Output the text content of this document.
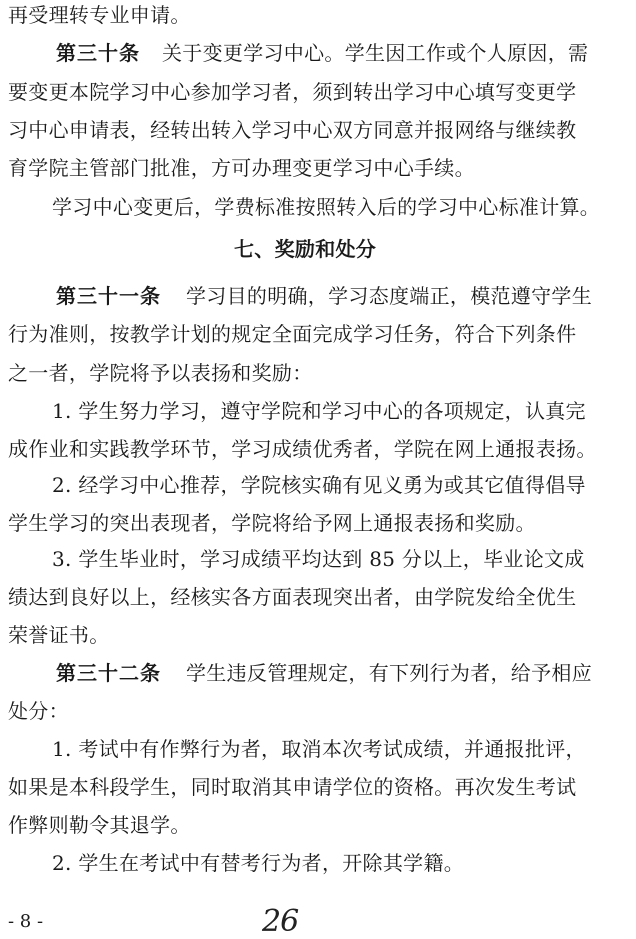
再受理转专业申请。
第三十条 关于变更学习中心。学生因工作或个人原因，需
要变更本院学习中心参加学习者，须到转出学习中心填写变更学
习中心申请表，经转出转入学习中心双方同意并报网络与继续教
育学院主管部门批准，方可办理变更学习中心手续。
学习中心变更后，学费标准按照转入后的学习中心标准计算。
七、奖励和处分
第三十一条 学习目的明确，学习态度端正，模范遵守学生
行为准则，按教学计划的规定全面完成学习任务，符合下列条件
之一者，学院将予以表扬和奖励：
1. 学生努力学习，遵守学院和学习中心的各项规定，认真完
成作业和实践教学环节，学习成绩优秀者，学院在网上通报表扬。
2. 经学习中心推荐，学院核实确有见义勇为或其它值得倡导
学生学习的突出表现者，学院将给予网上通报表扬和奖励。
3. 学生毕业时，学习成绩平均达到 85 分以上，毕业论文成
绩达到良好以上，经核实各方面表现突出者，由学院发给全优生
荣誉证书。
第三十二条 学生违反管理规定，有下列行为者，给予相应
处分：
1. 考试中有作弊行为者，取消本次考试成绩，并通报批评，
如果是本科段学生，同时取消其申请学位的资格。再次发生考试
作弊则勒令其退学。
2. 学生在考试中有替考行为者，开除其学籍。
- 8 -	26
